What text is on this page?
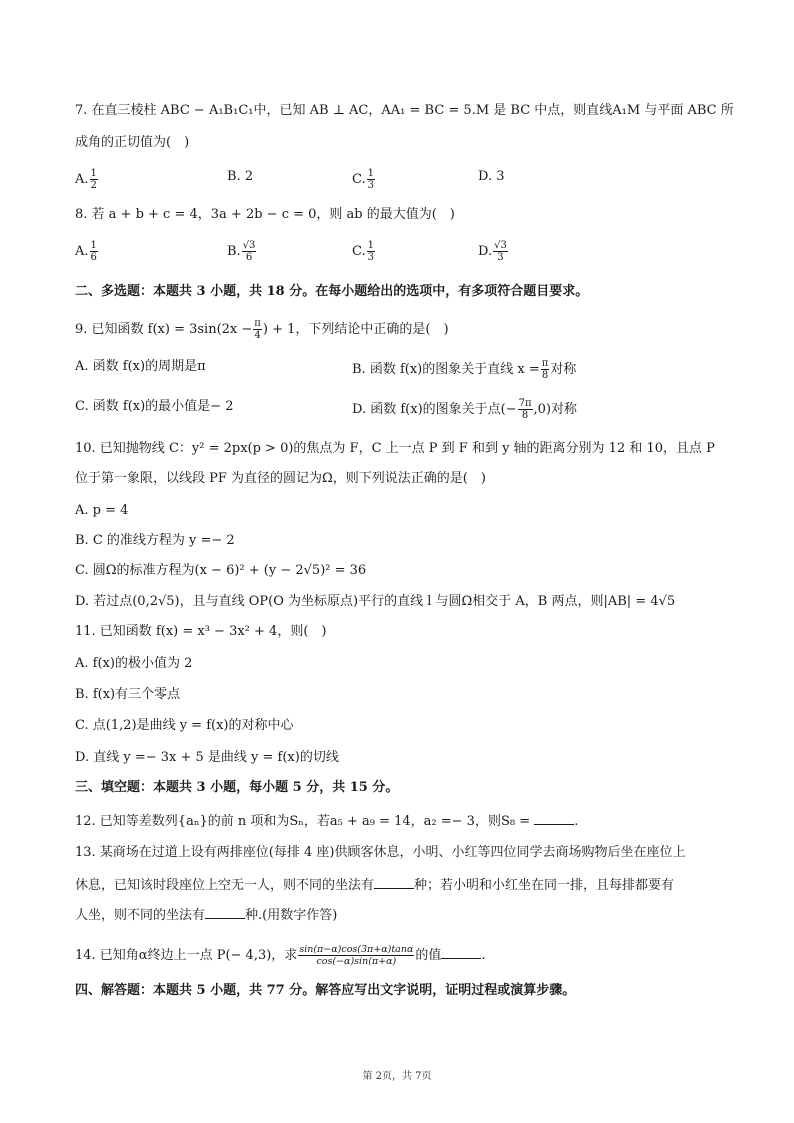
7. 在直三棱柱 ABC − A₁B₁C₁中，已知 AB ⊥ AC，AA₁ = BC = 5.M 是 BC 中点，则直线A₁M 与平面 ABC 所
成角的正切值为(　)
A. $\frac{1}{2}$	B. 2	C. $\frac{1}{3}$	D. 3
8. 若 a + b + c = 4，3a + 2b − c = 0，则 ab 的最大值为(　)
A. $\frac{1}{6}$	B. $\frac{√3}{6}$	C. $\frac{1}{3}$	D. $\frac{√3}{3}$
二、多选题：本题共 3 小题，共 18 分。在每小题给出的选项中，有多项符合题目要求。
9. 已知函数 $f(x) = 3\sin(2x - \frac{\pi}{4}$ ) + 1，下列结论中正确的是(　)
A. 函数 f(x)的周期是π	B. 函数 f(x)的图象关于直线 $x = \frac{\pi}{8}$ 对称
C. 函数 f(x)的最小值是− 2	D. 函数 f(x)的图象关于点(− $\frac{7\pi}{8} ,0$)对称
10. 已知抛物线 C：y² = 2px(p > 0)的焦点为 F，C 上一点 P 到 F 和到 y 轴的距离分别为 12 和 10，且点 P
位于第一象限，以线段 PF 为直径的圆记为Ω，则下列说法正确的是(　)
A. p = 4
B. C 的准线方程为 y =− 2
C. 圆Ω的标准方程为(x − 6)² + (y − 2√5)² = 36
D. 若过点(0,2√5)，且与直线 OP(O 为坐标原点)平行的直线 l 与圆Ω相交于 A，B 两点，则|AB| = 4√5
11. 已知函数 f(x) = x³ − 3x² + 4，则(　)
A. f(x)的极小值为 2
B. f(x)有三个零点
C. 点(1,2)是曲线 y = f(x)的对称中心
D. 直线 y =− 3x + 5 是曲线 y = f(x)的切线
三、填空题：本题共 3 小题，每小题 5 分，共 15 分。
12. 已知等差数列{aₙ}的前 n 项和为Sₙ，若a₅ + a₉ = 14，a₂ =− 3，则S₈ =	.
13. 某商场在过道上设有两排座位(每排 4 座)供顾客休息，小明、小红等四位同学去商场购物后坐在座位上
休息，已知该时段座位上空无一人，则不同的坐法有	种；若小明和小红坐在同一排，且每排都要有
人坐，则不同的坐法有	种.(用数字作答)
14. 已知角α终边上一点 P(− 4,3)，求 $\frac{\sin(\pi-\alpha)\cos(3\pi+\alpha)\tan\alpha}{\cos(-\alpha)\sin(\pi+\alpha)}$ 的值	.
四、解答题：本题共 5 小题，共 77 分。解答应写出文字说明，证明过程或演算步骤。
第 2页，共 7页
